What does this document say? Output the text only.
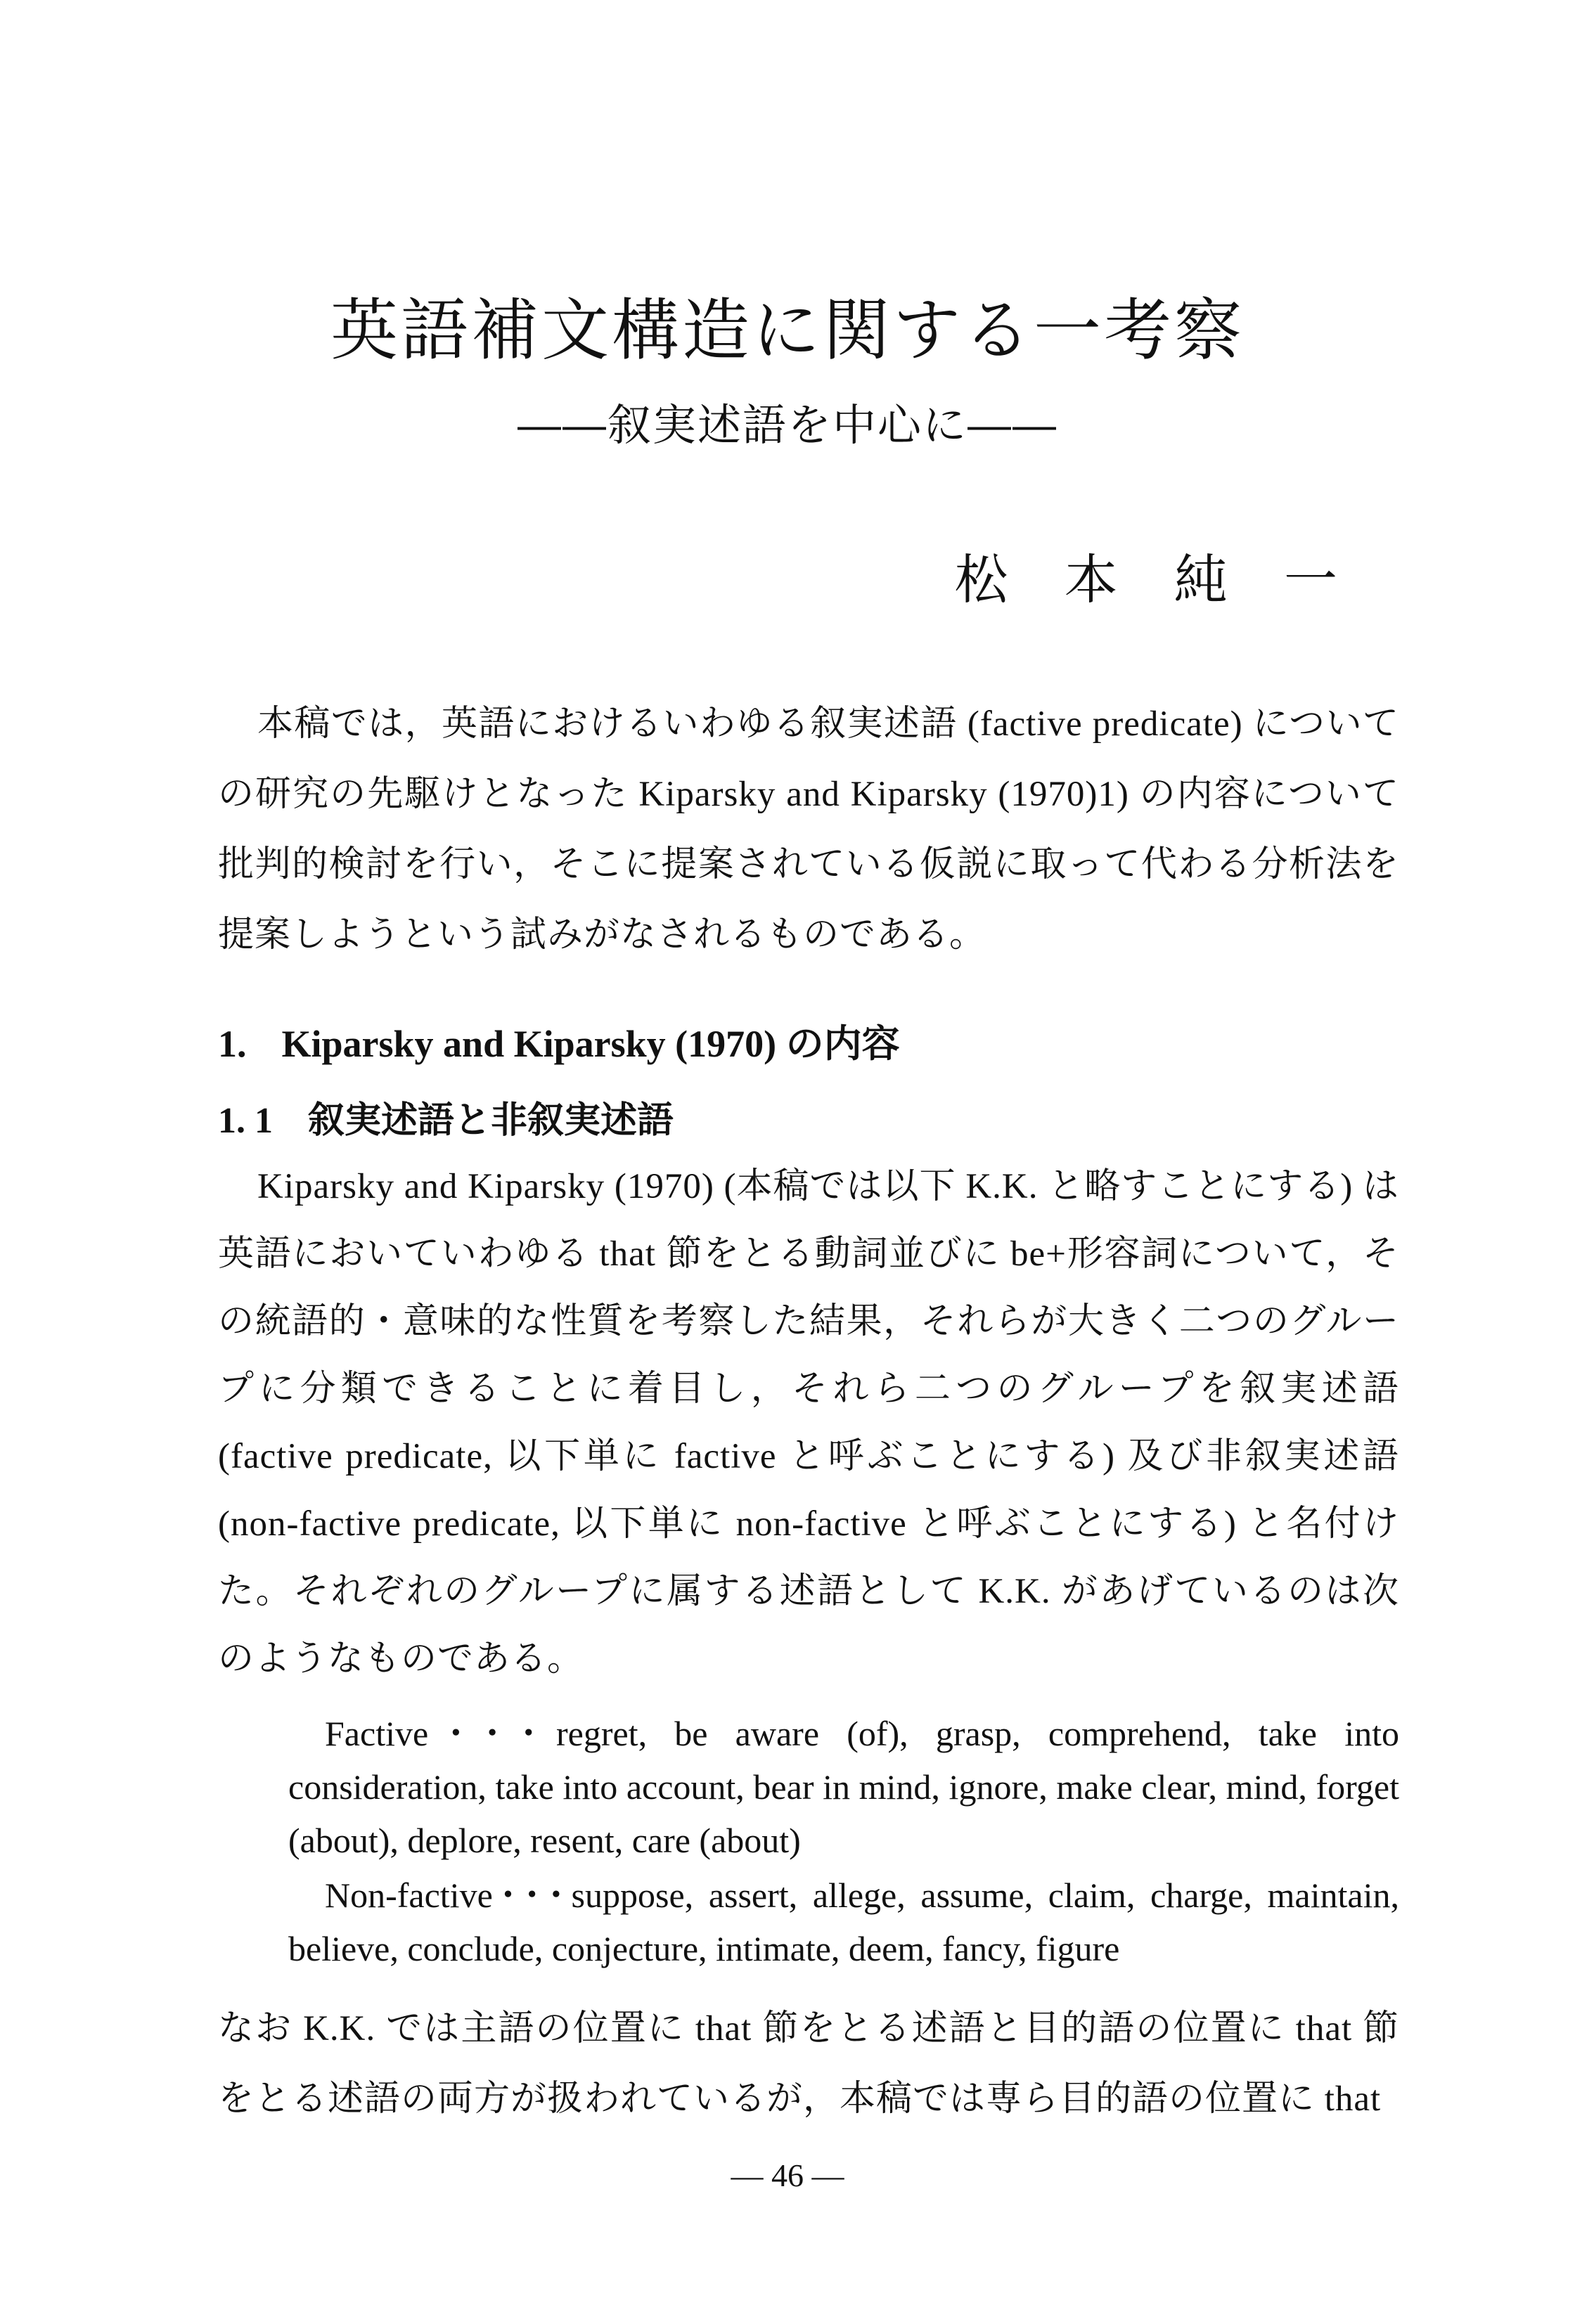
英語補文構造に関する一考察
――叙実述語を中心に――
松 本 純 一

本稿では，英語におけるいわゆる叙実述語 (factive predicate) についての研究の先駆けとなった Kiparsky and Kiparsky (1970)1) の内容について批判的検討を行い，そこに提案されている仮説に取って代わる分析法を提案しようという試みがなされるものである。

1. Kiparsky and Kiparsky (1970) の内容
1. 1 叙実述語と非叙実述語

Kiparsky and Kiparsky (1970) (本稿では以下 K.K. と略すことにする) は英語においていわゆる that 節をとる動詞並びに be+形容詞について，その統語的・意味的な性質を考察した結果，それらが大きく二つのグループに分類できることに着目し，それら二つのグループを叙実述語 (factive predicate, 以下単に factive と呼ぶことにする) 及び非叙実述語 (non-factive predicate, 以下単に non-factive と呼ぶことにする) と名付けた。それぞれのグループに属する述語として K.K. があげているのは次のようなものである。

Factive･･･regret, be aware (of), grasp, comprehend, take into consideration, take into account, bear in mind, ignore, make clear, mind, forget (about), deplore, resent, care (about)

Non-factive･･･suppose, assert, allege, assume, claim, charge, maintain, believe, conclude, conjecture, intimate, deem, fancy, figure

なお K.K. では主語の位置に that 節をとる述語と目的語の位置に that 節をとる述語の両方が扱われているが，本稿では専ら目的語の位置に that

― 46 ―
